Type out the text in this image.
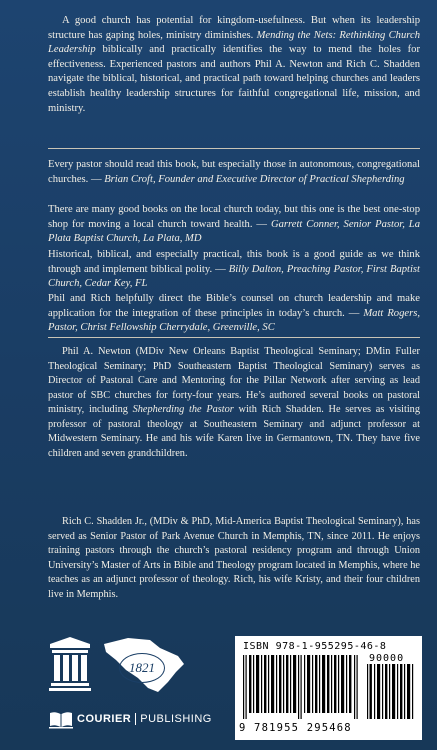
A good church has potential for kingdom-usefulness. But when its leadership structure has gaping holes, ministry diminishes. Mending the Nets: Rethinking Church Leadership biblically and practically identifies the way to mend the holes for effectiveness. Experienced pastors and authors Phil A. Newton and Rich C. Shadden navigate the biblical, historical, and practical path toward helping churches and leaders establish healthy leadership structures for faithful congregational life, mission, and ministry.

Every pastor should read this book, but especially those in autonomous, congregational churches. — Brian Croft, Founder and Executive Director of Practical Shepherding

There are many good books on the local church today, but this one is the best one-stop shop for moving a local church toward health. — Garrett Conner, Senior Pastor, La Plata Baptist Church, La Plata, MD

Historical, biblical, and especially practical, this book is a good guide as we think through and implement biblical polity. — Billy Dalton, Preaching Pastor, First Baptist Church, Cedar Key, FL

Phil and Rich helpfully direct the Bible’s counsel on church leadership and make application for the integration of these principles in today’s church. — Matt Rogers, Pastor, Christ Fellowship Cherrydale, Greenville, SC

Phil A. Newton (MDiv New Orleans Baptist Theological Seminary; DMin Fuller Theological Seminary; PhD Southeastern Baptist Theological Seminary) serves as Director of Pastoral Care and Mentoring for the Pillar Network after serving as lead pastor of SBC churches for forty-four years. He’s authored several books on pastoral ministry, including Shepherding the Pastor with Rich Shadden. He serves as visiting professor of pastoral theology at Southeastern Seminary and adjunct professor at Midwestern Seminary. He and his wife Karen live in Germantown, TN. They have five children and seven grandchildren.

Rich C. Shadden Jr., (MDiv & PhD, Mid-America Baptist Theological Seminary), has served as Senior Pastor of Park Avenue Church in Memphis, TN, since 2011. He enjoys training pastors through the church’s pastoral residency program and through Union University’s Master of Arts in Bible and Theology program located in Memphis, where he teaches as an adjunct professor of theology. Rich, his wife Kristy, and their four children live in Memphis.

1821
COURIER PUBLISHING
ISBN 978-1-955295-46-8
90000
9 781955 295468
